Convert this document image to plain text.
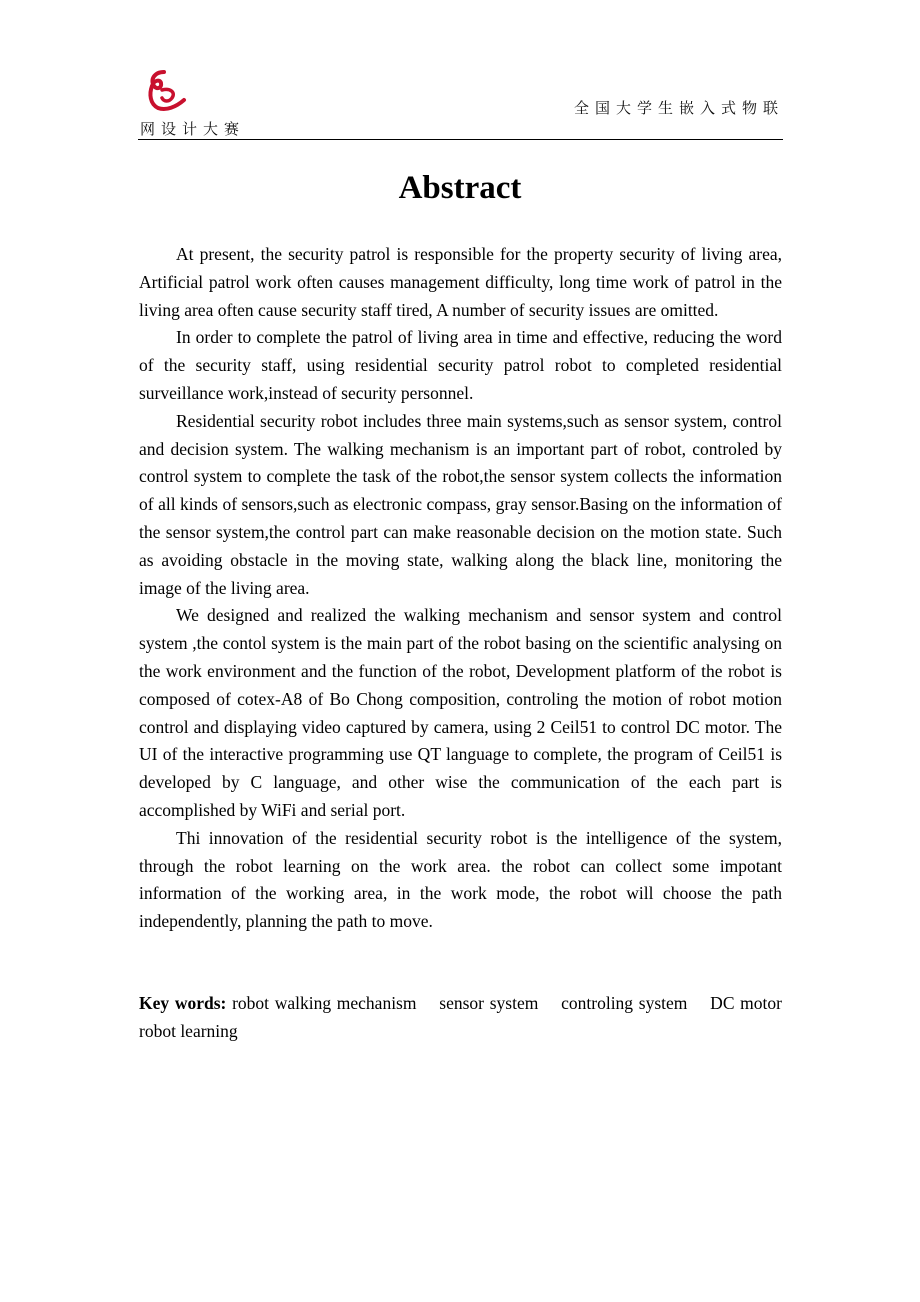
网设计大赛
全国大学生嵌入式物联
Abstract

At present, the security patrol is responsible for the property security of living area, Artificial patrol work often causes management difficulty, long time work of patrol in the living area often cause security staff tired, A number of security issues are omitted.

In order to complete the patrol of living area in time and effective, reducing the word of the security staff, using residential security patrol robot to completed residential surveillance work,instead of security personnel.

Residential security robot includes three main systems,such as sensor system, control and decision system. The walking mechanism is an important part of robot, controled by control system to complete the task of the robot,the sensor system collects the information of all kinds of sensors,such as electronic compass, gray sensor.Basing on the information of the sensor system,the control part can make reasonable decision on the motion state. Such as avoiding obstacle in the moving state, walking along the black line, monitoring the image of the living area.

We designed and realized the walking mechanism and sensor system and control system ,the contol system is the main part of the robot basing on the scientific analysing on the work environment and the function of the robot, Development platform of the robot is composed of cotex-A8 of Bo Chong composition, controling the motion of robot motion control and displaying video captured by camera, using 2 Ceil51 to control DC motor. The UI of the interactive programming use QT language to complete, the program of Ceil51 is developed by C language, and other wise the communication of the each part is accomplished by WiFi and serial port.

Thi innovation of the residential security robot is the intelligence of the system, through the robot learning on the work area. the robot can collect some impotant information of the working area, in the work mode, the robot will choose the path independently, planning the path to move.

Key words: robot walking mechanism    sensor system    controling system    DC motor robot learning
